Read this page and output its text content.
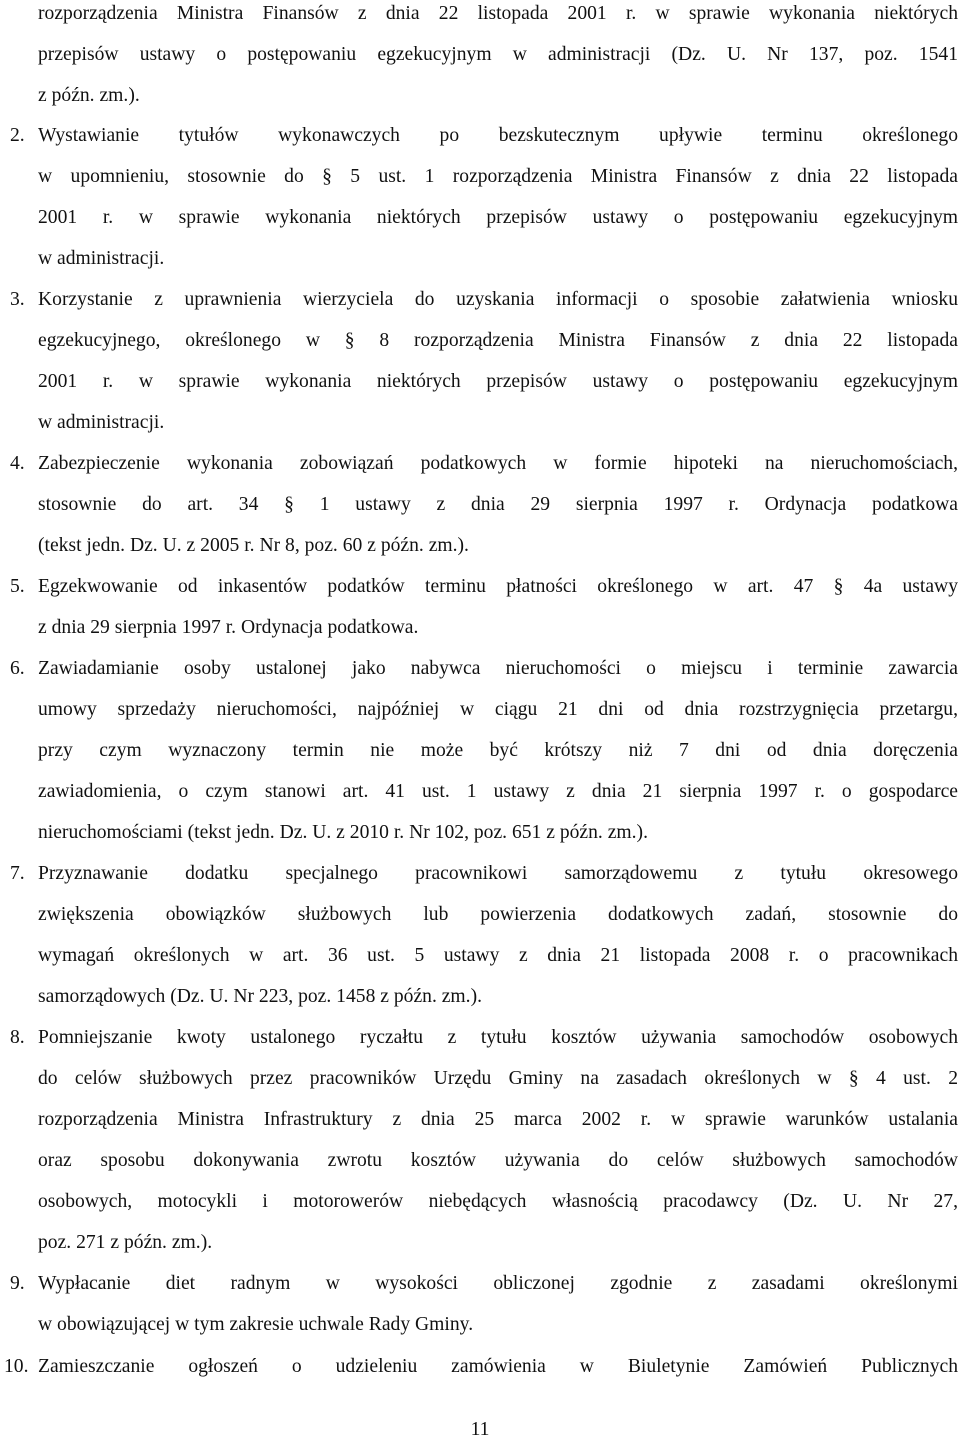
rozporządzenia Ministra Finansów z dnia 22 listopada 2001 r. w sprawie wykonania niektórych
przepisów ustawy o postępowaniu egzekucyjnym w administracji (Dz. U. Nr 137, poz. 1541
z późn. zm.).
2. Wystawianie tytułów wykonawczych po bezskutecznym upływie terminu określonego
w upomnieniu, stosownie do § 5 ust. 1 rozporządzenia Ministra Finansów z dnia 22 listopada
2001 r. w sprawie wykonania niektórych przepisów ustawy o postępowaniu egzekucyjnym
w administracji.
3. Korzystanie z uprawnienia wierzyciela do uzyskania informacji o sposobie załatwienia wniosku
egzekucyjnego, określonego w § 8 rozporządzenia Ministra Finansów z dnia 22 listopada
2001 r. w sprawie wykonania niektórych przepisów ustawy o postępowaniu egzekucyjnym
w administracji.
4. Zabezpieczenie wykonania zobowiązań podatkowych w formie hipoteki na nieruchomościach,
stosownie do art. 34 § 1 ustawy z dnia 29 sierpnia 1997 r. Ordynacja podatkowa
(tekst jedn. Dz. U. z 2005 r. Nr 8, poz. 60 z późn. zm.).
5. Egzekwowanie od inkasentów podatków terminu płatności określonego w art. 47 § 4a ustawy
z dnia 29 sierpnia 1997 r. Ordynacja podatkowa.
6. Zawiadamianie osoby ustalonej jako nabywca nieruchomości o miejscu i terminie zawarcia
umowy sprzedaży nieruchomości, najpóźniej w ciągu 21 dni od dnia rozstrzygnięcia przetargu,
przy czym wyznaczony termin nie może być krótszy niż 7 dni od dnia doręczenia
zawiadomienia, o czym stanowi art. 41 ust. 1 ustawy z dnia 21 sierpnia 1997 r. o gospodarce
nieruchomościami (tekst jedn. Dz. U. z 2010 r. Nr 102, poz. 651 z późn. zm.).
7. Przyznawanie dodatku specjalnego pracownikowi samorządowemu z tytułu okresowego
zwiększenia obowiązków służbowych lub powierzenia dodatkowych zadań, stosownie do
wymagań określonych w art. 36 ust. 5 ustawy z dnia 21 listopada 2008 r. o pracownikach
samorządowych (Dz. U. Nr 223, poz. 1458 z późn. zm.).
8. Pomniejszanie kwoty ustalonego ryczałtu z tytułu kosztów używania samochodów osobowych
do celów służbowych przez pracowników Urzędu Gminy na zasadach określonych w § 4 ust. 2
rozporządzenia Ministra Infrastruktury z dnia 25 marca 2002 r. w sprawie warunków ustalania
oraz sposobu dokonywania zwrotu kosztów używania do celów służbowych samochodów
osobowych, motocykli i motorowerów niebędących własnością pracodawcy (Dz. U. Nr 27,
poz. 271 z późn. zm.).
9. Wypłacanie diet radnym w wysokości obliczonej zgodnie z zasadami określonymi
w obowiązującej w tym zakresie uchwale Rady Gminy.
10. Zamieszczanie ogłoszeń o udzieleniu zamówienia w Biuletynie Zamówień Publicznych
11
